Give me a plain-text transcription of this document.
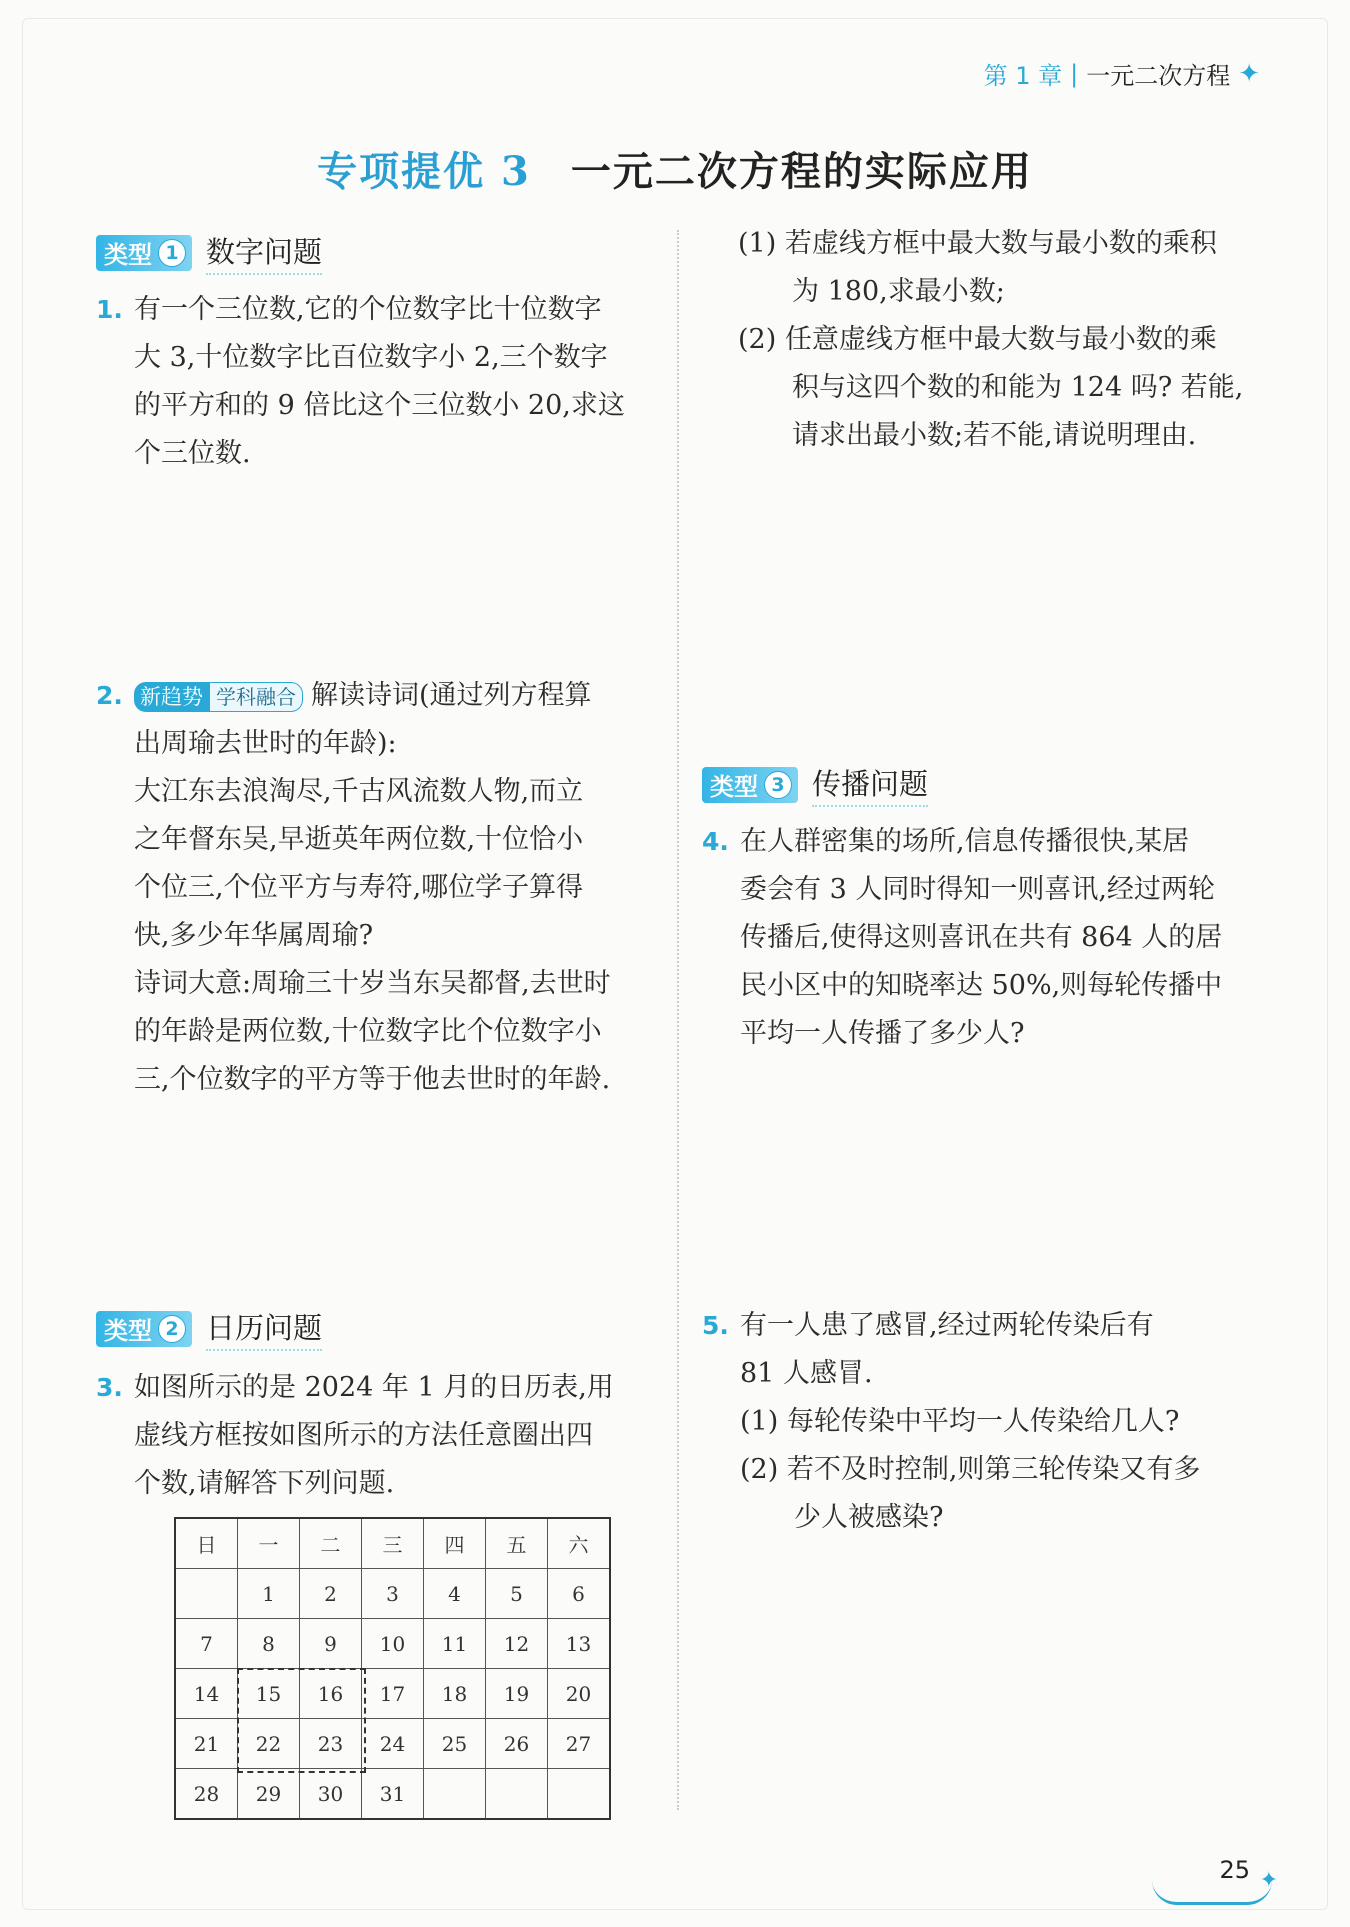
第 1 章 | 一元二次方程 ✦
专项提优 3 一元二次方程的实际应用
类型 1 数字问题
1. 有一个三位数,它的个位数字比十位数字
大 3,十位数字比百位数字小 2,三个数字
的平方和的 9 倍比这个三位数小 20,求这
个三位数.
2. 新趋势 学科融合 解读诗词(通过列方程算
出周瑜去世时的年龄):
大江东去浪淘尽,千古风流数人物,而立
之年督东吴,早逝英年两位数,十位恰小
个位三,个位平方与寿符,哪位学子算得
快,多少年华属周瑜?
诗词大意:周瑜三十岁当东吴都督,去世时
的年龄是两位数,十位数字比个位数字小
三,个位数字的平方等于他去世时的年龄.
类型 2 日历问题
3. 如图所示的是 2024 年 1 月的日历表,用
虚线方框按如图所示的方法任意圈出四
个数,请解答下列问题.
日	一	二	三	四	五	六
	1	2	3	4	5	6
7	8	9	10	11	12	13
14	15	16	17	18	19	20
21	22	23	24	25	26	27
28	29	30	31			
(1) 若虚线方框中最大数与最小数的乘积
为 180,求最小数;
(2) 任意虚线方框中最大数与最小数的乘
积与这四个数的和能为 124 吗? 若能,
请求出最小数;若不能,请说明理由.
类型 3 传播问题
4. 在人群密集的场所,信息传播很快,某居
委会有 3 人同时得知一则喜讯,经过两轮
传播后,使得这则喜讯在共有 864 人的居
民小区中的知晓率达 50%,则每轮传播中
平均一人传播了多少人?
5. 有一人患了感冒,经过两轮传染后有
81 人感冒.
(1) 每轮传染中平均一人传染给几人?
(2) 若不及时控制,则第三轮传染又有多
少人被感染?
25 ✦
